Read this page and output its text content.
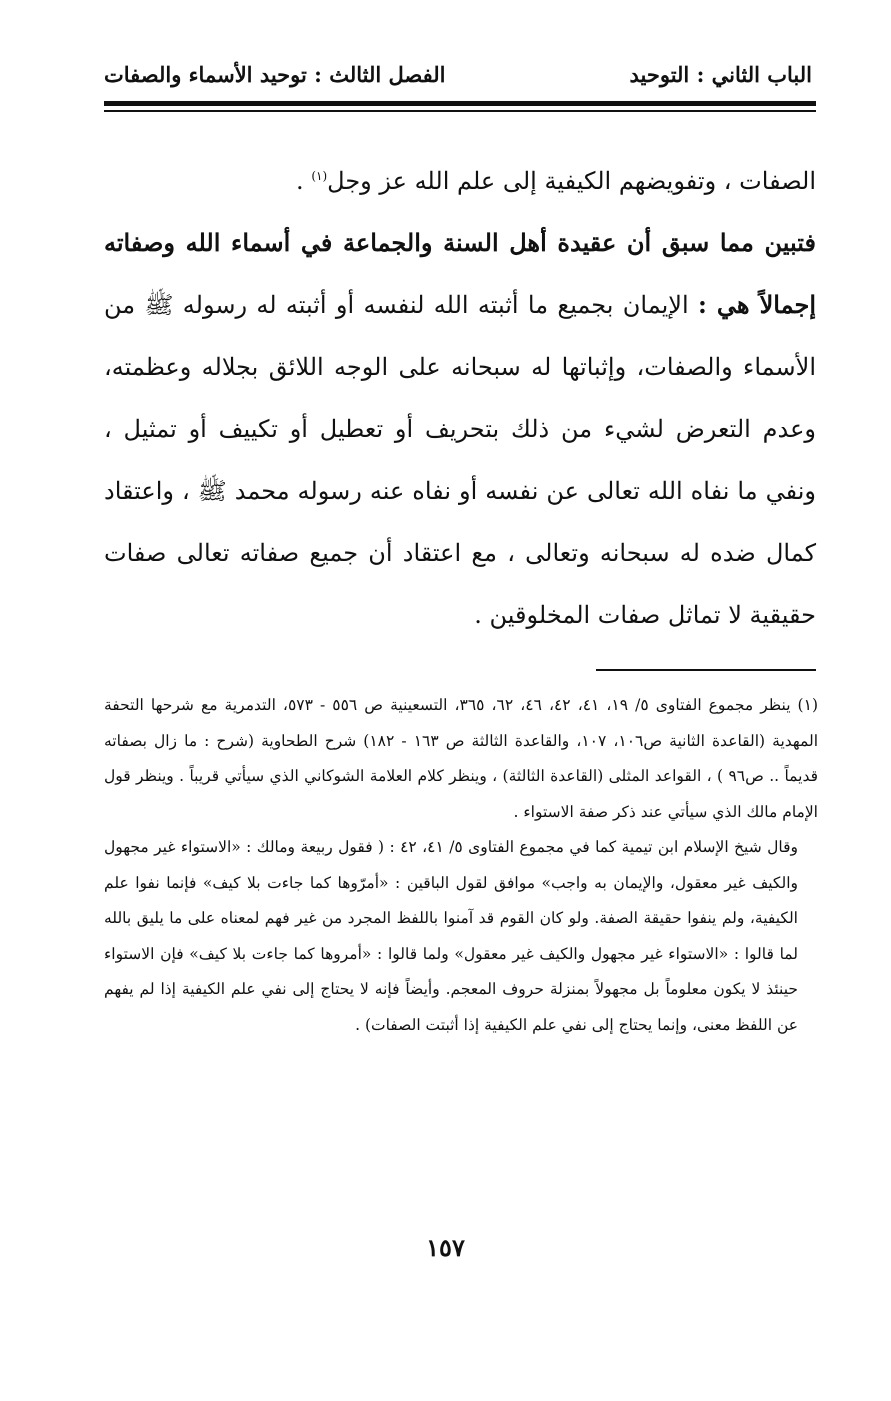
الباب الثاني : التوحيد
الفصل الثالث : توحيد الأسماء والصفات

الصفات ، وتفويضهم الكيفية إلى علم الله عز وجل$^{(١)}$ .

فتبين مما سبق أن عقيدة أهل السنة والجماعة في أسماء الله وصفاته إجمالاً هي : الإيمان بجميع ما أثبته الله لنفسه أو أثبته له رسوله ﷺ من الأسماء والصفات، وإثباتها له سبحانه على الوجه اللائق بجلاله وعظمته، وعدم التعرض لشيء من ذلك بتحريف أو تعطيل أو تكييف أو تمثيل ، ونفي ما نفاه الله تعالى عن نفسه أو نفاه عنه رسوله محمد ﷺ ، واعتقاد كمال ضده له سبحانه وتعالى ، مع اعتقاد أن جميع صفاته تعالى صفات حقيقية لا تماثل صفات المخلوقين .

(١) ينظر مجموع الفتاوى ٥/ ١٩، ٤١، ٤٢، ٤٦، ٦٢، ٣٦٥، التسعينية ص ٥٥٦ - ٥٧٣، التدمرية مع شرحها التحفة المهدية (القاعدة الثانية ص١٠٦، ١٠٧، والقاعدة الثالثة ص ١٦٣ - ١٨٢) شرح الطحاوية (شرح : ما زال بصفاته قديماً .. ص٩٦ ) ، القواعد المثلى (القاعدة الثالثة) ، وينظر كلام العلامة الشوكاني الذي سيأتي قريباً . وينظر قول الإمام مالك الذي سيأتي عند ذكر صفة الاستواء .

وقال شيخ الإسلام ابن تيمية كما في مجموع الفتاوى ٥/ ٤١، ٤٢ : ( فقول ربيعة ومالك : «الاستواء غير مجهول والكيف غير معقول، والإيمان به واجب» موافق لقول الباقين : «أمرّوها كما جاءت بلا كيف» فإنما نفوا علم الكيفية، ولم ينفوا حقيقة الصفة. ولو كان القوم قد آمنوا باللفظ المجرد من غير فهم لمعناه على ما يليق بالله لما قالوا : «الاستواء غير مجهول والكيف غير معقول» ولما قالوا : «أمروها كما جاءت بلا كيف» فإن الاستواء حينئذ لا يكون معلوماً بل مجهولاً بمنزلة حروف المعجم. وأيضاً فإنه لا يحتاج إلى نفي علم الكيفية إذا لم يفهم عن اللفظ معنى، وإنما يحتاج إلى نفي علم الكيفية إذا أثبتت الصفات) .

١٥٧
